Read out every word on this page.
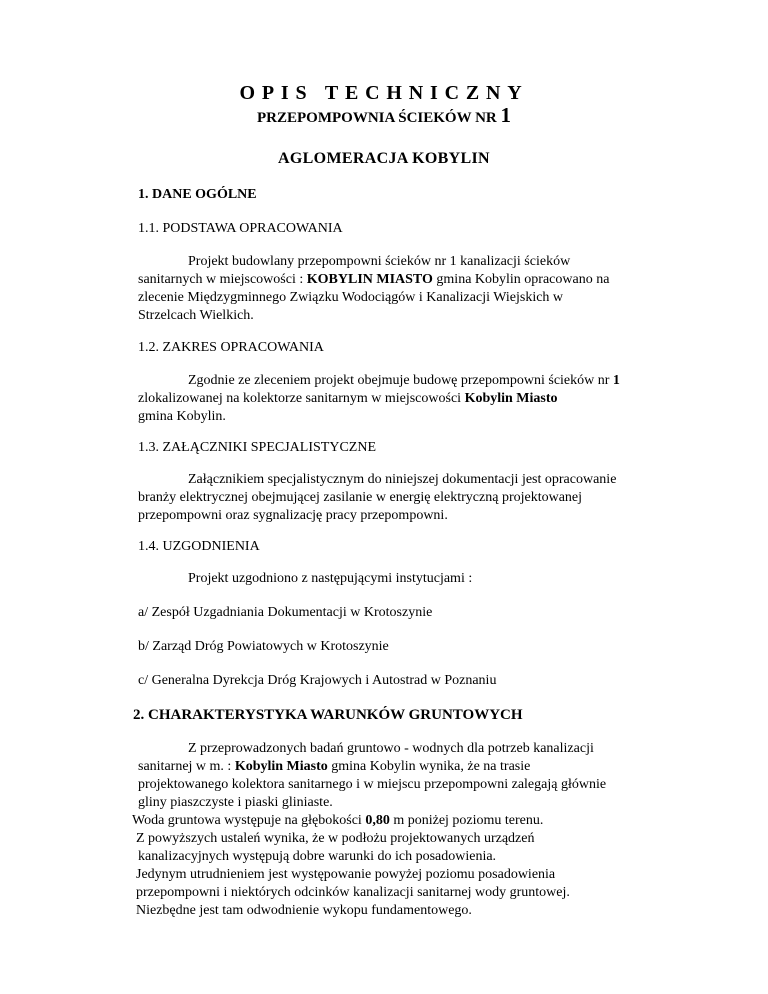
OPIS TECHNICZNY
PRZEPOMPOWNIA ŚCIEKÓW NR 1
AGLOMERACJA KOBYLIN
1. DANE OGÓLNE
1.1. PODSTAWA OPRACOWANIA
Projekt budowlany przepompowni ścieków nr 1 kanalizacji ścieków
sanitarnych w miejscowości : KOBYLIN MIASTO gmina Kobylin opracowano na
zlecenie Międzygminnego Związku Wodociągów i Kanalizacji Wiejskich w
Strzelcach Wielkich.
1.2. ZAKRES OPRACOWANIA
Zgodnie ze zleceniem projekt obejmuje budowę przepompowni ścieków nr 1
zlokalizowanej na kolektorze sanitarnym w miejscowości Kobylin Miasto
gmina Kobylin.
1.3. ZAŁĄCZNIKI SPECJALISTYCZNE
Załącznikiem specjalistycznym do niniejszej dokumentacji jest opracowanie
branży elektrycznej obejmującej zasilanie w energię elektryczną projektowanej
przepompowni oraz sygnalizację pracy przepompowni.
1.4. UZGODNIENIA
Projekt uzgodniono z następującymi instytucjami :
a/ Zespół Uzgadniania Dokumentacji w Krotoszynie
b/ Zarząd Dróg Powiatowych w Krotoszynie
c/ Generalna Dyrekcja Dróg Krajowych i Autostrad w Poznaniu
2. CHARAKTERYSTYKA WARUNKÓW GRUNTOWYCH
Z przeprowadzonych badań gruntowo - wodnych dla potrzeb kanalizacji
sanitarnej w m. : Kobylin Miasto gmina Kobylin wynika, że na trasie
projektowanego kolektora sanitarnego i w miejscu przepompowni zalegają głównie
gliny piaszczyste i piaski gliniaste.
Woda gruntowa występuje na głębokości 0,80 m poniżej poziomu terenu.
Z powyższych ustaleń wynika, że w podłożu projektowanych urządzeń
kanalizacyjnych występują dobre warunki do ich posadowienia.
Jedynym utrudnieniem jest występowanie powyżej poziomu posadowienia
przepompowni i niektórych odcinków kanalizacji sanitarnej wody gruntowej.
Niezbędne jest tam odwodnienie wykopu fundamentowego.
